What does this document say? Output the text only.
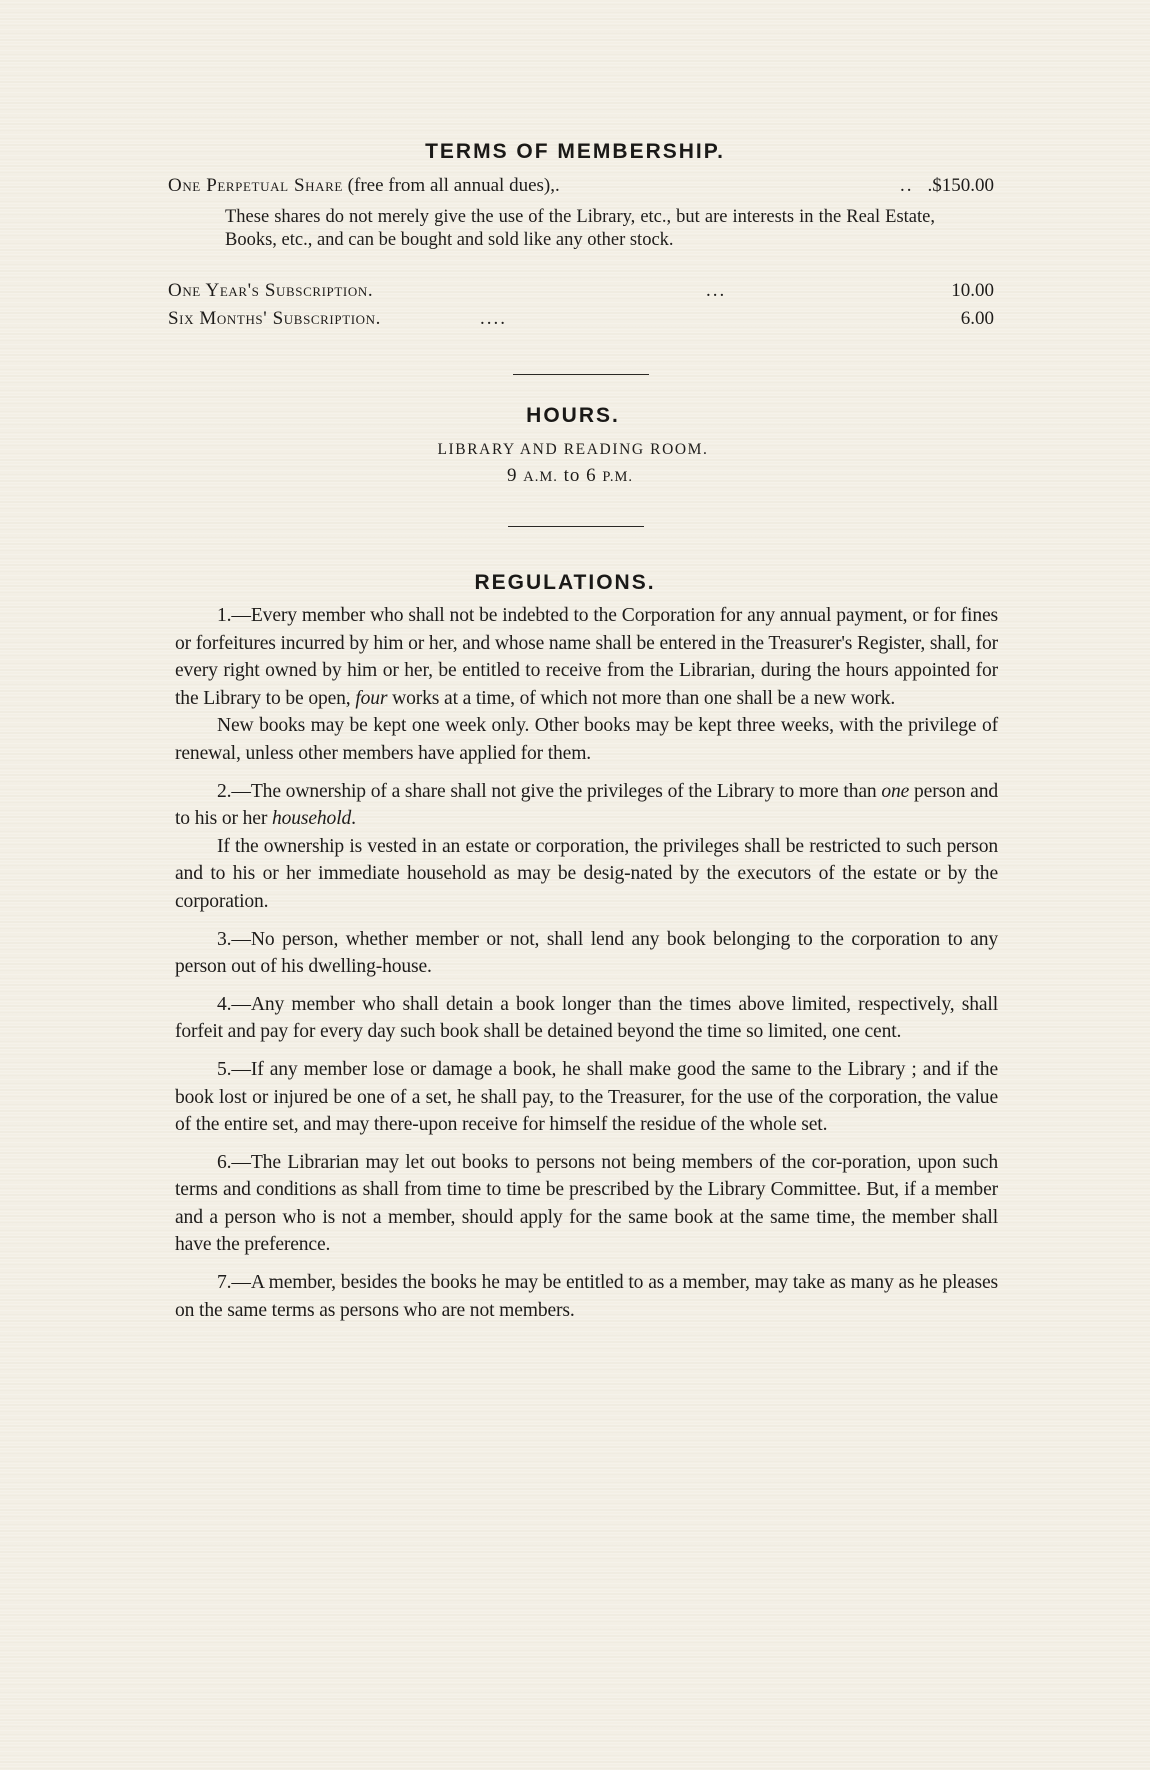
TERMS OF MEMBERSHIP.
One Perpetual Share (free from all annual dues),.	.. .$150.00
These shares do not merely give the use of the Library, etc., but are interests in the Real Estate, Books, etc., and can be bought and sold like any other stock.
One Year's Subscription.	...	10.00
Six Months' Subscription.	....	6.00
HOURS.
LIBRARY AND READING ROOM.
9 A.M. to 6 P.M.
REGULATIONS.

1.—Every member who shall not be indebted to the Corporation for any annual payment, or for fines or forfeitures incurred by him or her, and whose name shall be entered in the Treasurer's Register, shall, for every right owned by him or her, be entitled to receive from the Librarian, during the hours appointed for the Library to be open, four works at a time, of which not more than one shall be a new work.

New books may be kept one week only. Other books may be kept three weeks, with the privilege of renewal, unless other members have applied for them.

2.—The ownership of a share shall not give the privileges of the Library to more than one person and to his or her household.

If the ownership is vested in an estate or corporation, the privileges shall be restricted to such person and to his or her immediate household as may be desig-nated by the executors of the estate or by the corporation.

3.—No person, whether member or not, shall lend any book belonging to the corporation to any person out of his dwelling-house.

4.—Any member who shall detain a book longer than the times above limited, respectively, shall forfeit and pay for every day such book shall be detained beyond the time so limited, one cent.

5.—If any member lose or damage a book, he shall make good the same to the Library ; and if the book lost or injured be one of a set, he shall pay, to the Treasurer, for the use of the corporation, the value of the entire set, and may there-upon receive for himself the residue of the whole set.

6.—The Librarian may let out books to persons not being members of the cor-poration, upon such terms and conditions as shall from time to time be prescribed by the Library Committee. But, if a member and a person who is not a member, should apply for the same book at the same time, the member shall have the preference.

7.—A member, besides the books he may be entitled to as a member, may take as many as he pleases on the same terms as persons who are not members.
